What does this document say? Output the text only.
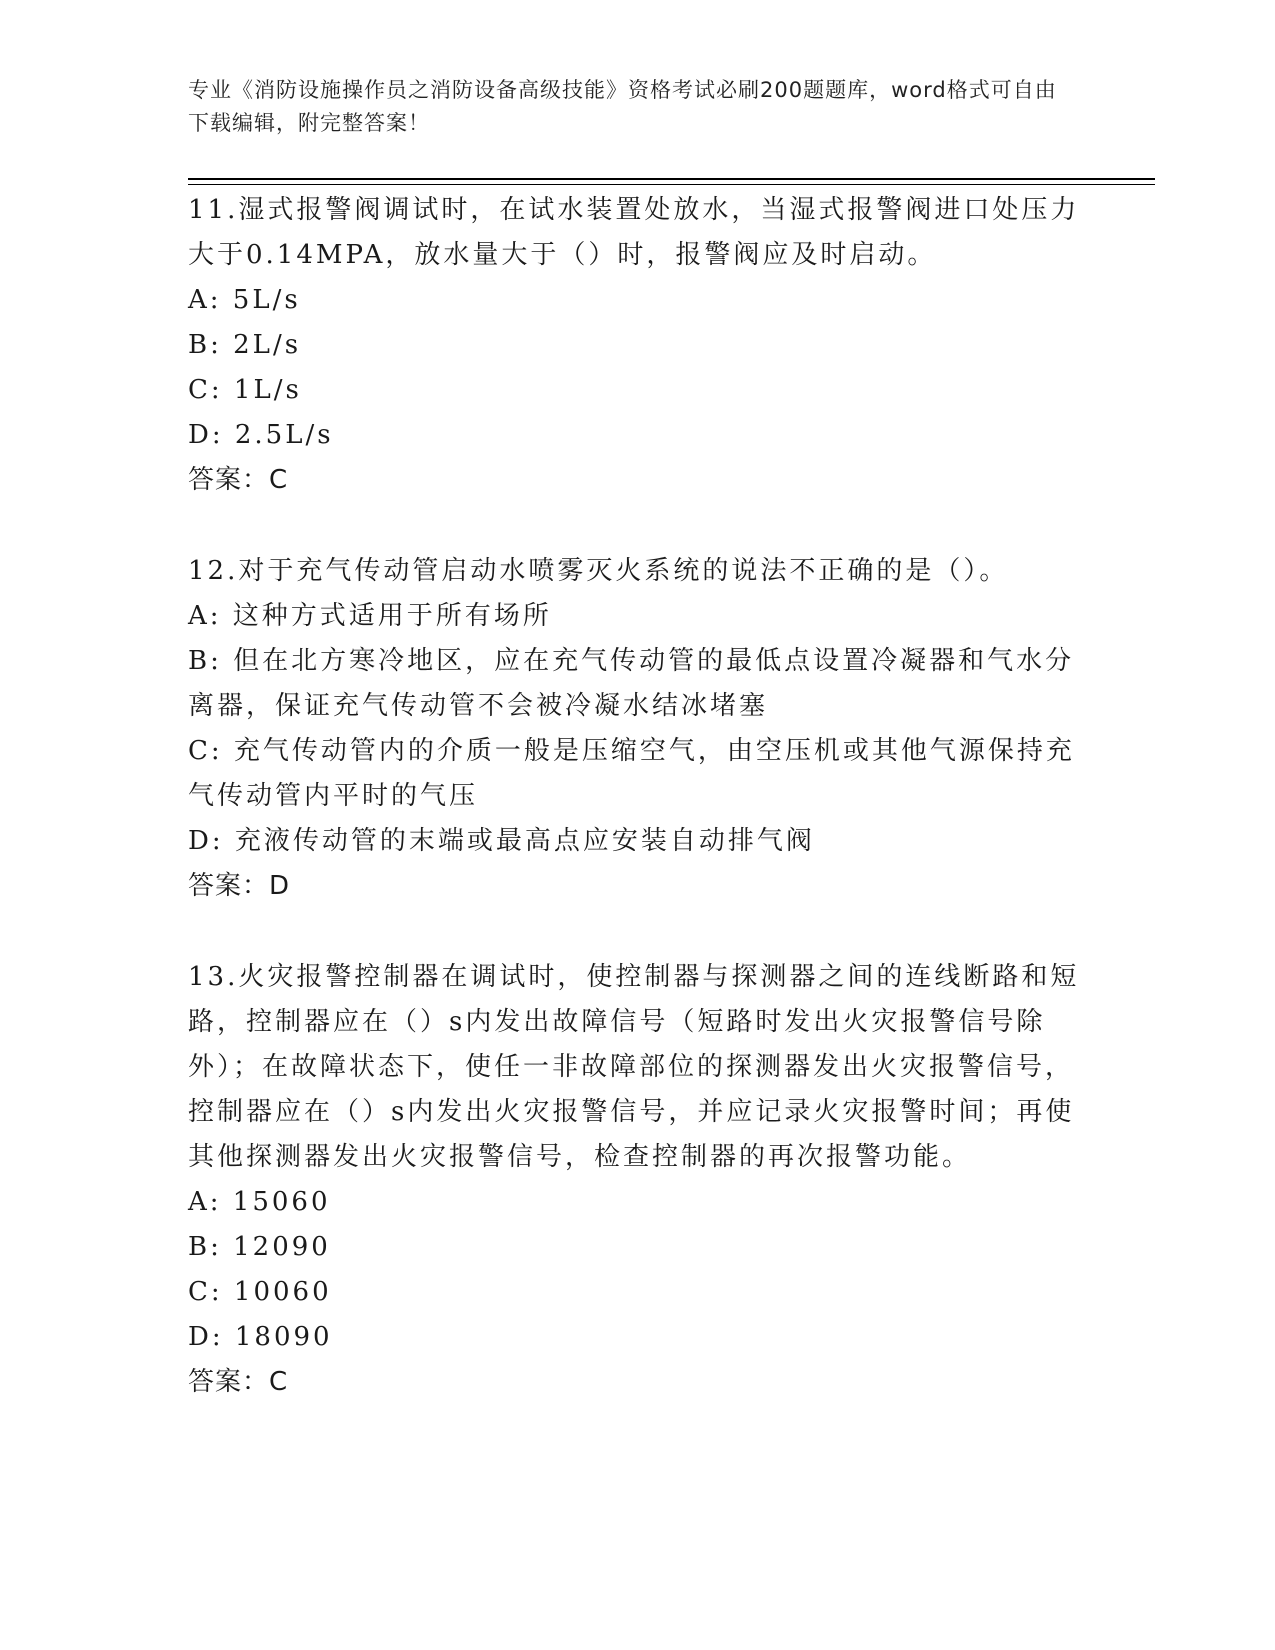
专业《消防设施操作员之消防设备高级技能》资格考试必刷200题题库，word格式可自由下载编辑，附完整答案！

11.湿式报警阀调试时，在试水装置处放水，当湿式报警阀进口处压力大于0.14MPA，放水量大于（）时，报警阀应及时启动。

A: 5L/s

B: 2L/s

C: 1L/s

D: 2.5L/s

答案：C

12.对于充气传动管启动水喷雾灭火系统的说法不正确的是（）。

A: 这种方式适用于所有场所

B: 但在北方寒冷地区，应在充气传动管的最低点设置冷凝器和气水分离器，保证充气传动管不会被冷凝水结冰堵塞

C: 充气传动管内的介质一般是压缩空气，由空压机或其他气源保持充气传动管内平时的气压

D: 充液传动管的末端或最高点应安装自动排气阀

答案：D

13.火灾报警控制器在调试时，使控制器与探测器之间的连线断路和短路，控制器应在（）s内发出故障信号（短路时发出火灾报警信号除外）；在故障状态下，使任一非故障部位的探测器发出火灾报警信号，控制器应在（）s内发出火灾报警信号，并应记录火灾报警时间；再使其他探测器发出火灾报警信号，检查控制器的再次报警功能。

A: 15060

B: 12090

C: 10060

D: 18090

答案：C
